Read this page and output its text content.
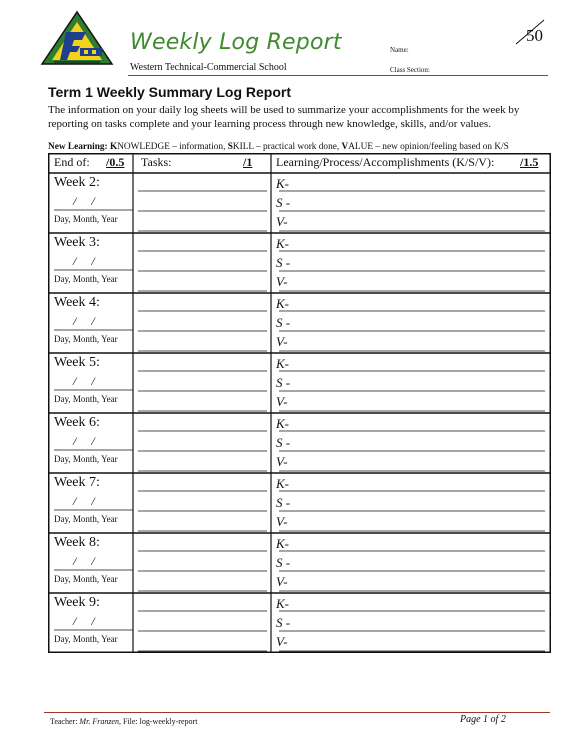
Weekly Log Report
Western Technical-Commercial School
Name:
Class Section:
50
Term 1 Weekly Summary Log Report
The information on your daily log sheets will be used to summarize your accomplishments for the week by reporting on tasks complete and your learning process through new knowledge, skills, and/or values.
New Learning: KNOWLEDGE – information, SKILL – practical work done, VALUE – new opinion/feeling based on K/S
End of: /0.5 Tasks:	/1 Learning/Process/Accomplishments (K/S/V): /1.5
Week 2:
/ /
Day, Month, Year
K-
S -
V-
Week 3:
/ /
Day, Month, Year
K-
S -
V-
Week 4:
/ /
Day, Month, Year
K-
S -
V-
Week 5:
/ /
Day, Month, Year
K-
S -
V-
Week 6:
/ /
Day, Month, Year
K-
S -
V-
Week 7:
/ /
Day, Month, Year
K-
S -
V-
Week 8:
/ /
Day, Month, Year
K-
S -
V-
Week 9:
/ /
Day, Month, Year
K-
S -
V-
Teacher: Mr. Franzen, File: log-weekly-report	Page 1 of 2
